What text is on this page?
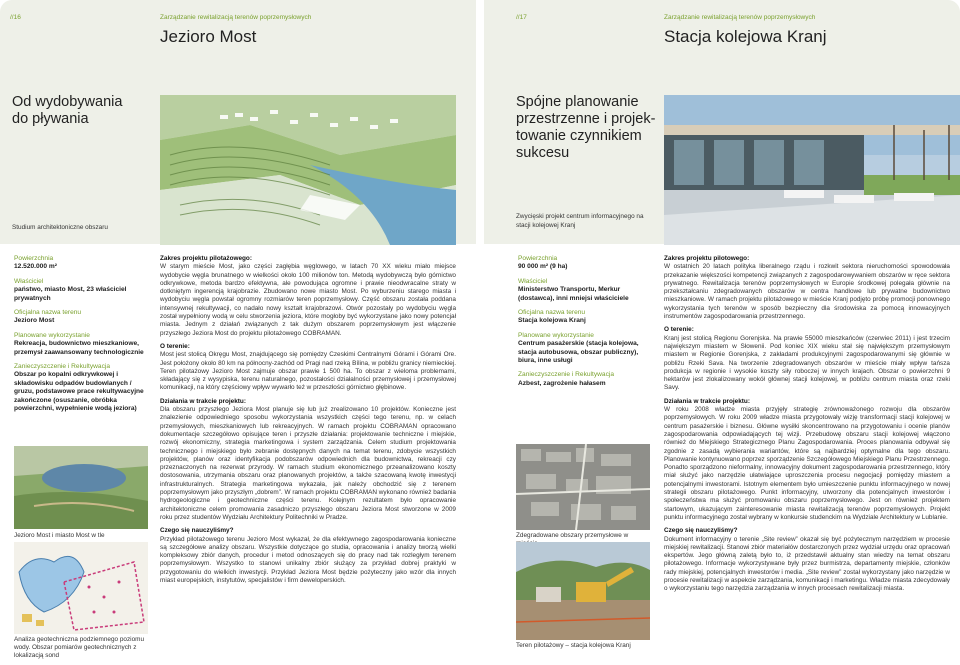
//16	Zarządzanie rewitalizacją terenów poprzemysłowych
Jezioro Most
Od wydobywania
do pływania
Studium architektoniczne obszaru
Powierzchnia
12.520.000 m²
Właściciel
państwo, miasto Most, 23 właściciel prywatnych
Oficjalna nazwa terenu
Jezioro Most
Planowane wykorzystanie
Rekreacja, budownictwo mieszkaniowe, przemysł zaawansowany technologicznie
Zanieczyszczenie i Rekultywacja
Obszar po kopalni odkrywkowej i składowisku odpadów budowlanych / gruzu, podstawowe prace rekultywacyjne zakończone (osuszanie, obróbka powierzchni, wypełnienie wodą jeziora)
Jezioro Most i miasto Most w tle
Analiza geotechniczna podziemnego poziomu wody. Obszar pomiarów geotechnicznych z lokalizacją sond

Zakres projektu pilotażowego:
W starym mieście Most, jako części zagłębia węglowego, w latach 70 XX wieku miało miejsce wydobycie węgla brunatnego w wielkości około 100 milionów ton. Metodą wydobywczą było górnictwo odkrywkowe, metoda bardzo efektywna, ale powodująca ogromne i prawie nieodwracalne straty w dotkniętym ingerencją krajobrazie. Zbudowano nowe miasto Most. Po wyburzeniu starego miasta i wydobyciu węgla powstał ogromny rozmiarów teren poprzemysłowy. Część obszaru została poddana intensywnej rekultywacji, co nadało nowy kształt krajobrazowi. Otwór pozostały po wydobyciu węgla został wypełniony wodą w celu stworzenia jeziora, które mogłoby być wykorzystane jako nowy potencjał miasta. Jednym z działań związanych z tak dużym obszarem poprzemysłowym jest włączenie przyszłego Jeziora Most do projektu pilotażowego COBRAMAN.

O terenie:
Most jest stolicą Okręgu Most, znajdującego się pomiędzy Czeskimi Centralnymi Górami i Górami Ore. Jest położony około 80 km na północny-zachód od Pragi nad rzeką Bílina, w pobliżu granicy niemieckiej. Teren pilotażowy Jezioro Most zajmuje obszar prawie 1 500 ha. To obszar z wieloma problemami, składający się z wysypiska, terenu naturalnego, pozostałości działalności przemysłowej i przemysłowej komunikacji, na który częściowy wpływ wywarło też w przeszłości górnictwo głębinowe.

Działania w trakcie projektu:
Dla obszaru przyszłego Jeziora Most planuje się lub już zrealizowano 10 projektów. Konieczne jest znalezienie odpowiedniego sposobu wykorzystania wszystkich części tego terenu, np. w celach przemysłowych, mieszkaniowych lub rekreacyjnych. W ramach projektu COBRAMAN opracowano dokumentacje szczegółowo opisujące teren i przyszłe działania: projektowanie techniczne i miejskie, rozwój ekonomiczny, strategia marketingowa i system zarządzania. Celem studium projektowania technicznego i miejskiego było zebranie dostępnych danych na temat terenu, zdobycie wszystkich projektów, planów oraz identyfikacja podobszarów odpowiednich dla budownictwa, rekreacji czy przeznaczonych na rezerwat przyrody. W ramach studium ekonomicznego przeanalizowano koszty dostosowania, utrzymania obszaru oraz planowanych projektów, a także szacowaną kwotę inwestycji infrastrukturalnych. Strategia marketingowa wykazała, jak należy obchodzić się z terenem poprzemysłowym jako przyszłym „dobrem”. W ramach projektu COBRAMAN wykonano również badania hydrogeologiczne i geotechniczne części terenu. Kolejnym rezultatem było opracowanie architektoniczne celem promowania zasadniczo przyszłego obszaru Jeziora Most stworzone w 2009 roku przez studentów Wydziału Architektury Politechniki w Pradze.

Czego się nauczyliśmy?
Przykład pilotażowego terenu Jezioro Most wykazał, że dla efektywnego zagospodarowania konieczne są szczegółowe analizy obszaru. Wszystkie dotyczące go studia, opracowania i analizy tworzą wielki kompleksowy zbiór danych, procedur i metod odnoszących się do pracy nad tak rozległym terenem poprzemysłowym. Wszystko to stanowi unikalny zbiór służący za przykład dobrej praktyki w przygotowaniu do wielkich inwestycji. Przykład Jeziora Most będzie pożyteczny jako wzór dla innych miast europejskich, instytutów, specjalistów i firm deweloperskich.

//17	Zarządzanie rewitalizacją terenów poprzemysłowych
Stacja kolejowa Kranj
Spójne planowanie
przestrzenne i projek-
towanie czynnikiem
sukcesu
Zwycięski projekt centrum informacyjnego na
stacji kolejowej Kranj
Powierzchnia
90 000 m² (9 ha)
Właściciel
Ministerstwo Transportu, Merkur (dostawca), inni mniejsi właściciele
Oficjalna nazwa terenu
Stacja kolejowa Kranj
Planowane wykorzystanie
Centrum pasażerskie (stacja kolejowa, stacja autobusowa, obszar publiczny), biura, inne usługi
Zanieczyszczenie i Rekultywacja
Azbest, zagrożenie hałasem
Zdegradowane obszary przemysłowe w
Teren pilotażowy – stacja kolejowa Kranj

Zakres projektu pilotowego:
W ostatnich 20 latach polityka liberalnego rządu i rozkwit sektora nieruchomości spowodowała przekazanie większości kompetencji związanych z zagospodarowywaniem obszarów w ręce sektora prywatnego. Rewitalizacja terenów poprzemysłowych w Europie środkowej polegała głównie na przekształcaniu zdegradowanych obszarów w centra handlowe lub prywatne budownictwo mieszkaniowe. W ramach projektu pilotażowego w mieście Kranj podjęto próbę promocji ponownego wykorzystania tych terenów w sposób bezpieczny dla środowiska za pomocą innowacyjnych instrumentów zagospodarowania przestrzennego.

O terenie:
Kranj jest stolicą Regionu Gorenjska. Na prawie 55000 mieszkańców (czerwiec 2011) i jest trzecim największym miastem w Słowenii. Pod koniec XIX wieku stał się największym przemysłowym miastem w Regionie Gorenjska, z zakładami produkcyjnymi zagospodarowanymi się głównie w pobliżu Rzeki Sava. Na tworzenie zdegradowanych obszarów w mieście miały wpływ tańsza produkcja w regionie i wysokie koszty siły roboczej w innych krajach. Obszar o powierzchni 9 hektarów jest zlokalizowany wokół głównej stacji kolejowej, w pobliżu centrum miasta oraz rzeki Savy.

Działania w trakcie projektu:
W roku 2008 władze miasta przyjęły strategię zrównoważonego rozwoju dla obszarów poprzemysłowych. W roku 2009 władze miasta przygotowały wizję transformacji stacji kolejowej w centrum pasażerskie i biznesu. Główne wysiłki skoncentrowano na przygotowaniu i ocenie planów zagospodarowania odpowiadających tej wizji. Przebudowę obszaru stacji kolejowej włączono również do Miejskiego Strategicznego Planu Zagospodarowania. Proces planowania odbywał się zgodnie z zasadą wybierania wariantów, które są najbardziej optymalne dla tego obszaru. Planowanie kontynuowano poprzez sporządzenie Szczegółowego Miejskiego Planu Przestrzennego. Ponadto sporządzono nieformalny, innowacyjny dokument zagospodarowania przestrzennego, który miał służyć jako narzędzie ułatwiające uproszczenia procesu negocjacji pomiędzy miastem a potencjalnymi inwestorami. Istotnym elementem było umieszczenie punktu informacyjnego w nowej strategii obszaru pilotażowego. Punkt informacyjny, utworzony dla potencjalnych inwestorów i społeczeństwa ma służyć promowaniu obszaru poprzemysłowego. Jest on również projektem startowym, ukazującym zainteresowanie miasta rewitalizacją terenów poprzemysłowych. Projekt punktu informacyjnego został wybrany w konkursie studenckim na Wydziale Architektury w Lublanie.

Czego się nauczyliśmy?
Dokument informacyjny o terenie „Site review” okazał się być pożytecznym narzędziem w procesie miejskiej rewitalizacji. Stanowi zbiór materiałów dostarczonych przez wydział urzędu oraz opracowań ekspertów. Jego główną zaletą było to, iż przedstawił aktualny stan wiedzy na temat obszaru pilotażowego. Informacje wykorzystywane były przez burmistrza, departamenty miejskie, członków rady miejskiej, potencjalnych inwestorów i media. „Site review” został wykorzystany jako narzędzie w procesie rewitalizacji w aspekcie zarządzania, komunikacji i marketingu. Władze miasta zdecydowały o wykorzystaniu tego narzędzia zarządzania w innych procesach rewitalizacji miasta.
